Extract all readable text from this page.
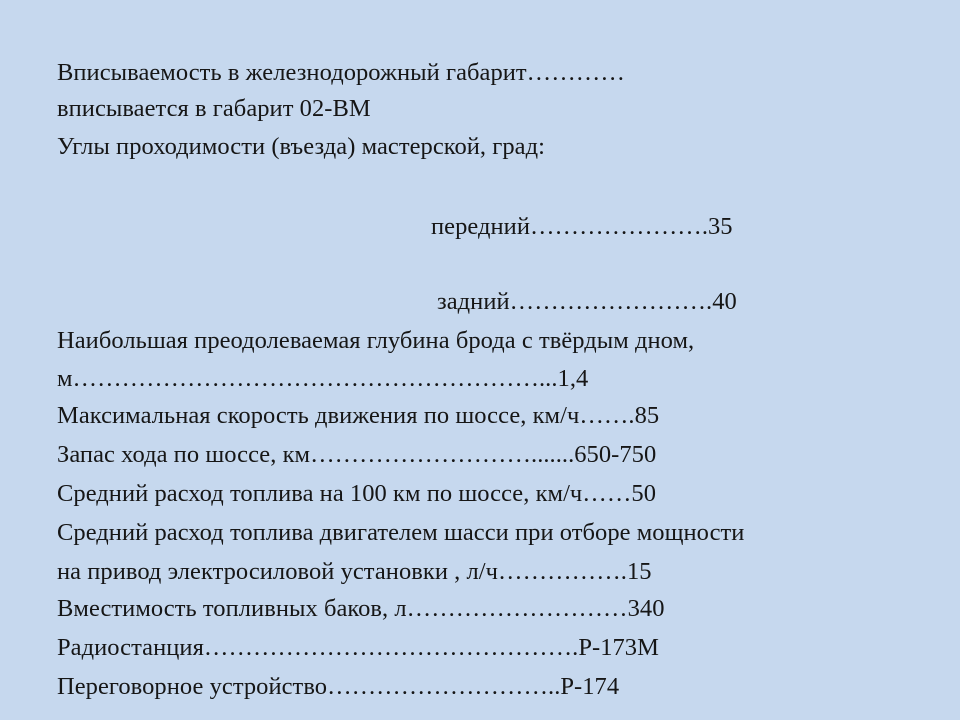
Вписываемость в железнодорожный габарит…………
вписывается в габарит 02-ВМ
Углы проходимости (въезда) мастерской, град:
передний………………….35
задний…………………….40
Наибольшая преодолеваемая глубина брода с твёрдым дном,
м…………………………………………………...1,4
Максимальная скорость движения по шоссе, км/ч…….85
Запас хода по шоссе, км……………………….......650-750
Средний расход топлива на 100 км по шоссе, км/ч……50
Средний расход топлива двигателем шасси при отборе мощности
на привод электросиловой установки , л/ч…………….15
Вместимость топливных баков, л………………………340
Радиостанция……………………………………….Р-173М
Переговорное устройство………………………..Р-174
